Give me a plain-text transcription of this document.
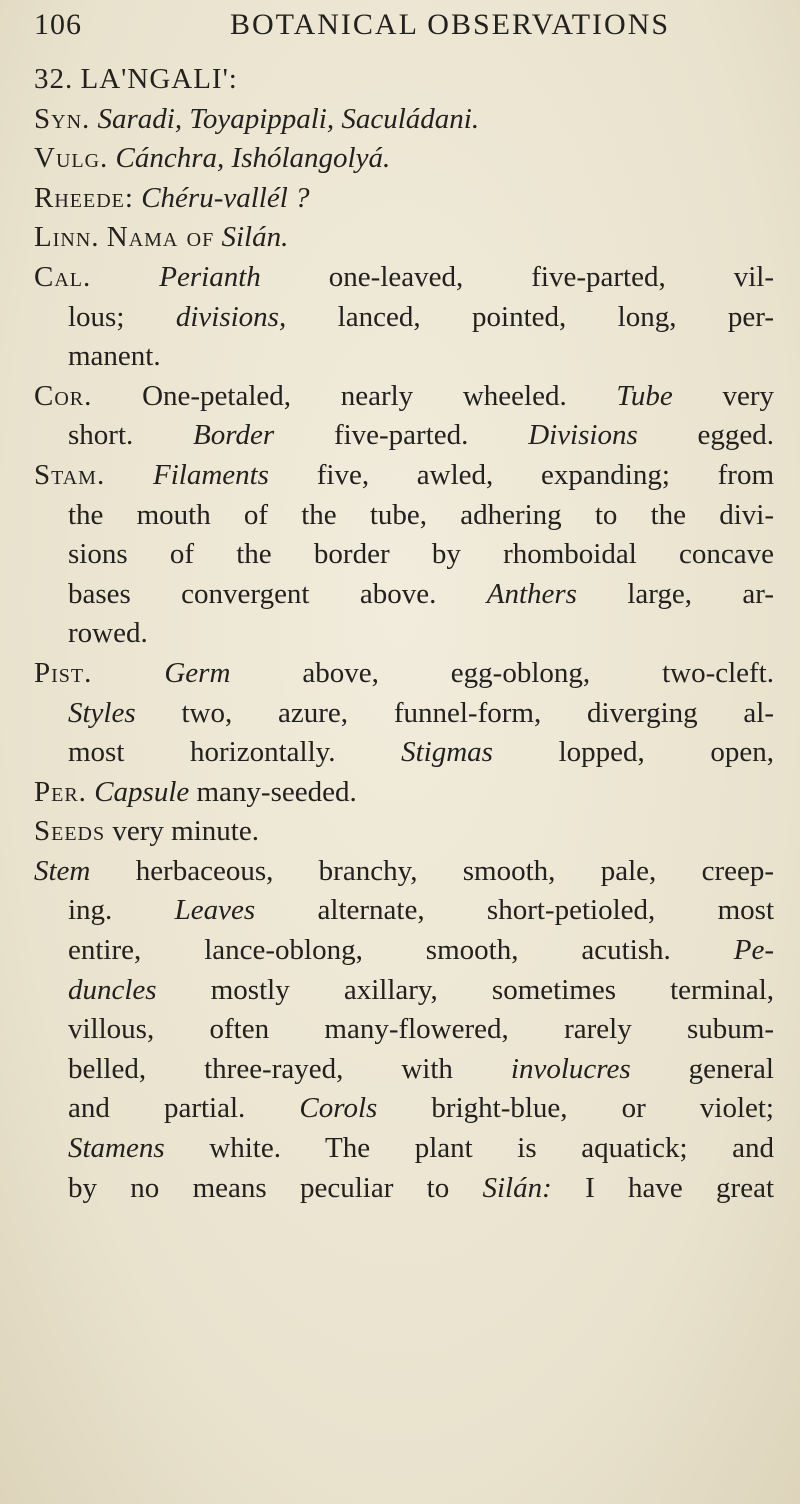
106	BOTANICAL OBSERVATIONS
32. LA'NGALI':
Syn. Saradi, Toyapippali, Saculádani.
Vulg. Cánchra, Ishólangolyá.
Rheede: Chéru-vallél ?
Linn. Nama of Silán.
Cal. Perianth one-leaved, five-parted, vil-
lous; divisions, lanced, pointed, long, per-
manent.
Cor. One-petaled, nearly wheeled. Tube very
short. Border five-parted. Divisions egged.
Stam. Filaments five, awled, expanding; from
the mouth of the tube, adhering to the divi-
sions of the border by rhomboidal concave
bases convergent above. Anthers large, ar-
rowed.
Pist. Germ above, egg-oblong, two-cleft.
Styles two, azure, funnel-form, diverging al-
most horizontally. Stigmas lopped, open,
Per. Capsule many-seeded.
Seeds very minute.
Stem herbaceous, branchy, smooth, pale, creep-
ing. Leaves alternate, short-petioled, most
entire, lance-oblong, smooth, acutish. Pe-
duncles mostly axillary, sometimes terminal,
villous, often many-flowered, rarely subum-
belled, three-rayed, with involucres general
and partial. Corols bright-blue, or violet;
Stamens white. The plant is aquatick; and
by no means peculiar to Silán: I have great
